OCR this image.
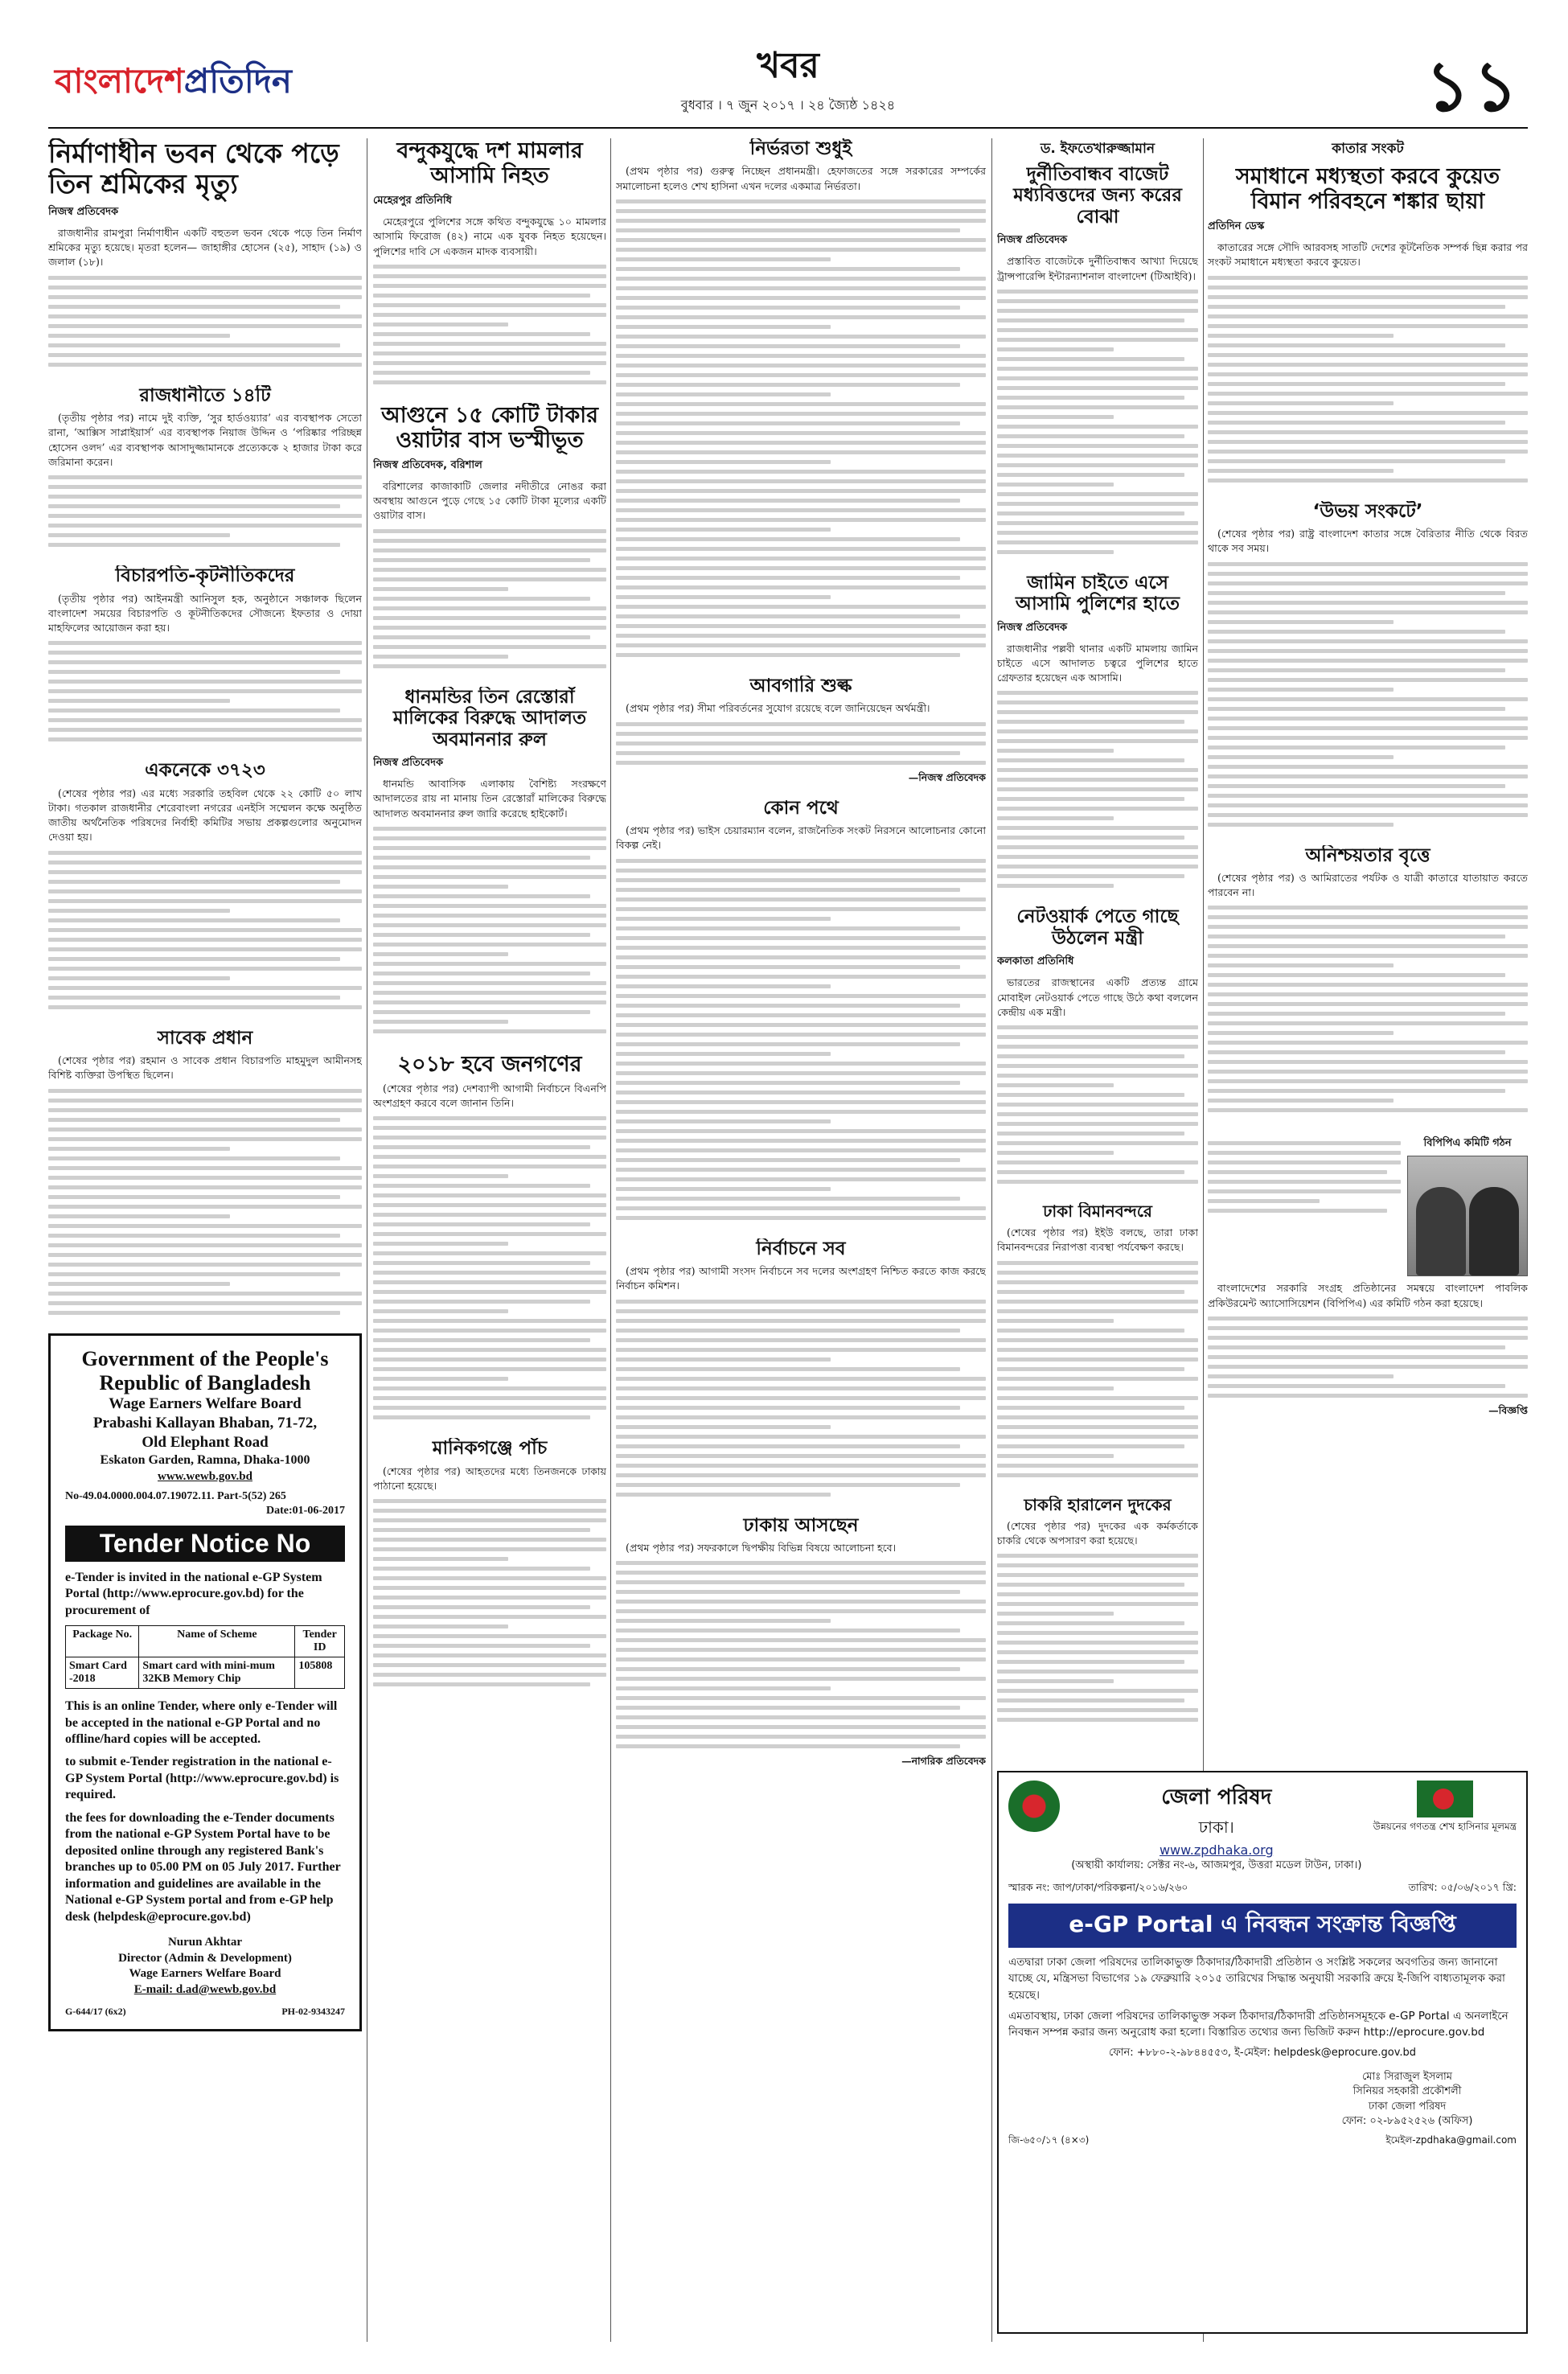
বাংলাদেশপ্রতিদিন	খবর
বুধবার । ৭ জুন ২০১৭ । ২৪ জ্যৈষ্ঠ ১৪২৪	১১
নির্মাণাধীন ভবন থেকে পড়ে তিন শ্রমিকের মৃত্যু
নিজস্ব প্রতিবেদক

রাজধানীর রামপুরা নির্মাণাধীন একটি বহুতল ভবন থেকে পড়ে তিন নির্মাণ শ্রমিকের মৃত্যু হয়েছে। মৃতরা হলেন— জাহাঙ্গীর হোসেন (২৫), সাহাদ (১৯) ও জলাল (১৮)।

রাজধানীতে ১৪টি

(তৃতীয় পৃষ্ঠার পর) নামে দুই ব্যক্তি, ‘সুর হার্ডওয়্যার’ এর ব্যবস্থাপক সেতো রানা, ‘আক্সিস সাপ্লাইয়ার্স’ এর ব্যবস্থাপক নিয়াজ উদ্দিন ও ‘পরিষ্কার পরিচ্ছন্ন হোসেন ওলদ’ এর ব্যবস্থাপক আসাদুজ্জামানকে প্রত্যেককে ২ হাজার টাকা করে জরিমানা করেন।

বিচারপতি-কৃটনীতিকদের

(তৃতীয় পৃষ্ঠার পর) আইনমন্ত্রী আনিসুল হক, অনুষ্ঠানে সঞ্চালক ছিলেন বাংলাদেশ সময়ের বিচারপতি ও কূটনীতিকদের সৌজন্যে ইফতার ও দোয়া মাহফিলের আয়োজন করা হয়।

একনেকে ৩৭২৩

(শেষের পৃষ্ঠার পর) এর মধ্যে সরকারি তহবিল থেকে ২২ কোটি ৫০ লাখ টাকা। গতকাল রাজধানীর শেরেবাংলা নগরের এনইসি সম্মেলন কক্ষে অনুষ্ঠিত জাতীয় অর্থনৈতিক পরিষদের নির্বাহী কমিটির সভায় প্রকল্পগুলোর অনুমোদন দেওয়া হয়।

সাবেক প্রধান

(শেষের পৃষ্ঠার পর) রহমান ও সাবেক প্রধান বিচারপতি মাহমুদুল আমীনসহ বিশিষ্ট ব্যক্তিরা উপস্থিত ছিলেন।

Government of the People's Republic of Bangladesh
Wage Earners Welfare Board
Prabashi Kallayan Bhaban, 71-72,
Old Elephant Road
Eskaton Garden, Ramna, Dhaka-1000
www.wewb.gov.bd
No-49.04.0000.004.07.19072.11. Part-5(52) 265
Date:01-06-2017
Tender Notice No
e-Tender is invited in the national e-GP System Portal (http://www.eprocure.gov.bd) for the procurement of
Package No.	Name of Scheme	Tender ID
Smart Card -2018	Smart card with mini-mum 32KB Memory Chip	105808
This is an online Tender, where only e-Tender will be accepted in the national e-GP Portal and no offline/hard copies will be accepted.
to submit e-Tender registration in the national e-GP System Portal (http://www.eprocure.gov.bd) is required.
the fees for downloading the e-Tender documents from the national e-GP System Portal have to be deposited online through any registered Bank's branches up to 05.00 PM on 05 July 2017. Further information and guidelines are available in the National e-GP System portal and from e-GP help desk (helpdesk@eprocure.gov.bd)
Nurun Akhtar
Director (Admin & Development)
Wage Earners Welfare Board
E-mail: d.ad@wewb.gov.bd
G-644/17 (6x2)	PH-02-9343247
বন্দুকযুদ্ধে দশ মামলার আসামি নিহত
মেহেরপুর প্রতিনিধি

মেহেরপুরে পুলিশের সঙ্গে কথিত বন্দুকযুদ্ধে ১০ মামলার আসামি ফিরোজ (৪২) নামে এক যুবক নিহত হয়েছেন। পুলিশের দাবি সে একজন মাদক ব্যবসায়ী।

আগুনে ১৫ কোটি টাকার ওয়াটার বাস ভস্মীভূত
নিজস্ব প্রতিবেদক, বরিশাল

বরিশালের কাজাকাটি জেলার নদীতীরে নোঙর করা অবস্থায় আগুনে পুড়ে গেছে ১৫ কোটি টাকা মূল্যের একটি ওয়াটার বাস।

ধানমন্ডির তিন রেস্তোরাঁ মালিকের বিরুদ্ধে আদালত অবমাননার রুল
নিজস্ব প্রতিবেদক

ধানমন্ডি আবাসিক এলাকায় বৈশিষ্ট্য সংরক্ষণে আদালতের রায় না মানায় তিন রেস্তোরাঁ মালিকের বিরুদ্ধে আদালত অবমাননার রুল জারি করেছে হাইকোর্ট।

২০১৮ হবে জনগণের

(শেষের পৃষ্ঠার পর) দেশব্যাপী আগামী নির্বাচনে বিএনপি অংশগ্রহণ করবে বলে জানান তিনি।

মানিকগঞ্জে পাঁচ

(শেষের পৃষ্ঠার পর) আহতদের মধ্যে তিনজনকে ঢাকায় পাঠানো হয়েছে।

নির্ভরতা শুধুই

(প্রথম পৃষ্ঠার পর) গুরুত্ব নিচ্ছেন প্রধানমন্ত্রী। হেফাজতের সঙ্গে সরকারের সম্পর্কের সমালোচনা হলেও শেখ হাসিনা এখন দলের একমাত্র নির্ভরতা।

আবগারি শুল্ক

(প্রথম পৃষ্ঠার পর) সীমা পরিবর্তনের সুযোগ রয়েছে বলে জানিয়েছেন অর্থমন্ত্রী।

—নিজস্ব প্রতিবেদক
কোন পথে

(প্রথম পৃষ্ঠার পর) ভাইস চেয়ারম্যান বলেন, রাজনৈতিক সংকট নিরসনে আলোচনার কোনো বিকল্প নেই।

নির্বাচনে সব

(প্রথম পৃষ্ঠার পর) আগামী সংসদ নির্বাচনে সব দলের অংশগ্রহণ নিশ্চিত করতে কাজ করছে নির্বাচন কমিশন।

ঢাকায় আসছেন

(প্রথম পৃষ্ঠার পর) সফরকালে দ্বিপক্ষীয় বিভিন্ন বিষয়ে আলোচনা হবে।

—নাগরিক প্রতিবেদক
ড. ইফতেখারুজ্জামান
দুর্নীতিবান্ধব বাজেট মধ্যবিত্তদের জন্য করের বোঝা
নিজস্ব প্রতিবেদক

প্রস্তাবিত বাজেটকে দুর্নীতিবান্ধব আখ্যা দিয়েছে ট্রান্সপারেন্সি ইন্টারন্যাশনাল বাংলাদেশ (টিআইবি)।

জামিন চাইতে এসে আসামি পুলিশের হাতে
নিজস্ব প্রতিবেদক

রাজধানীর পল্লবী থানার একটি মামলায় জামিন চাইতে এসে আদালত চত্বরে পুলিশের হাতে গ্রেফতার হয়েছেন এক আসামি।

নেটওয়ার্ক পেতে গাছে উঠলেন মন্ত্রী
কলকাতা প্রতিনিধি

ভারতের রাজস্থানের একটি প্রত্যন্ত গ্রামে মোবাইল নেটওয়ার্ক পেতে গাছে উঠে কথা বললেন কেন্দ্রীয় এক মন্ত্রী।

ঢাকা বিমানবন্দরে

(শেষের পৃষ্ঠার পর) ইইউ বলছে, তারা ঢাকা বিমানবন্দরের নিরাপত্তা ব্যবস্থা পর্যবেক্ষণ করছে।

চাকরি হারালেন দুদকের

(শেষের পৃষ্ঠার পর) দুদকের এক কর্মকর্তাকে চাকরি থেকে অপসারণ করা হয়েছে।

কাতার সংকট
সমাধানে মধ্যস্থতা করবে কুয়েত বিমান পরিবহনে শঙ্কার ছায়া
প্রতিদিন ডেস্ক

কাতারের সঙ্গে সৌদি আরবসহ সাতটি দেশের কূটনৈতিক সম্পর্ক ছিন্ন করার পর সংকট সমাধানে মধ্যস্থতা করবে কুয়েত।

‘উভয় সংকটে’

(শেষের পৃষ্ঠার পর) রাষ্ট্র বাংলাদেশ কাতার সঙ্গে বৈরিতার নীতি থেকে বিরত থাকে সব সময়।

অনিশ্চয়তার বৃত্তে

(শেষের পৃষ্ঠার পর) ও আমিরাতের পর্যটক ও যাত্রী কাতারে যাতায়াত করতে পারবেন না।

বিপিপিএ কমিটি গঠন

বাংলাদেশের সরকারি সংগ্রহ প্রতিষ্ঠানের সমন্বয়ে বাংলাদেশ পাবলিক প্রকিউরমেন্ট অ্যাসোসিয়েশন (বিপিপিএ) এর কমিটি গঠন করা হয়েছে।

—বিজ্ঞপ্তি
জেলা পরিষদ
ঢাকা।
www.zpdhaka.org
(অস্থায়ী কার্যালয়: সেক্টর নং-৬, আজমপুর, উত্তরা মডেল টাউন, ঢাকা।)
উন্নয়নের গণতন্ত্র শেখ হাসিনার মূলমন্ত্র
স্মারক নং: জাপ/ঢাকা/পরিকল্পনা/২০১৬/২৬০	তারিখ: ০৫/০৬/২০১৭ খ্রি:
e-GP Portal এ নিবন্ধন সংক্রান্ত বিজ্ঞপ্তি
এতদ্বারা ঢাকা জেলা পরিষদের তালিকাভুক্ত ঠিকাদার/ঠিকাদারী প্রতিষ্ঠান ও সংশ্লিষ্ট সকলের অবগতির জন্য জানানো যাচ্ছে যে, মন্ত্রিসভা বিভাগের ১৯ ফেব্রুয়ারি ২০১৫ তারিখের সিদ্ধান্ত অনুযায়ী সরকারি ক্রয়ে ই-জিপি বাধ্যতামূলক করা হয়েছে।
এমতাবস্থায়, ঢাকা জেলা পরিষদের তালিকাভুক্ত সকল ঠিকাদার/ঠিকাদারী প্রতিষ্ঠানসমূহকে e-GP Portal এ অনলাইনে নিবন্ধন সম্পন্ন করার জন্য অনুরোধ করা হলো। বিস্তারিত তথ্যের জন্য ভিজিট করুন http://eprocure.gov.bd
ফোন: +৮৮০-২-৯৮৪৪৫৫৩, ই-মেইল: helpdesk@eprocure.gov.bd
মোঃ সিরাজুল ইসলাম
সিনিয়র সহকারী প্রকৌশলী
ঢাকা জেলা পরিষদ
ফোন: ০২-৮৯৫২৫২৬ (অফিস)
জি-৬৫০/১৭ (৪×৩)	ইমেইল-zpdhaka@gmail.com
